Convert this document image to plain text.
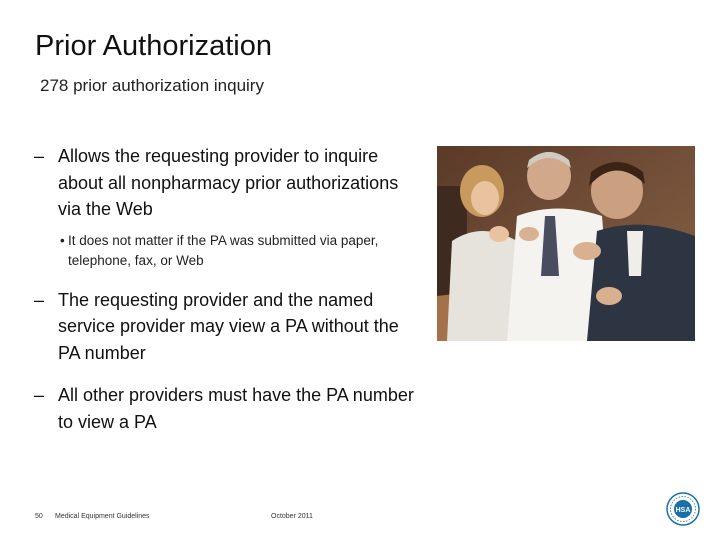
Prior Authorization
278 prior authorization inquiry
– Allows the requesting provider to inquire about all nonpharmacy prior authorizations via the Web
• It does not matter if the PA was submitted via paper, telephone, fax, or Web
– The requesting provider and the named service provider may view a PA without the PA number
– All other providers must have the PA number to view a PA
50 Medical Equipment Guidelines	October 2011
HSA
